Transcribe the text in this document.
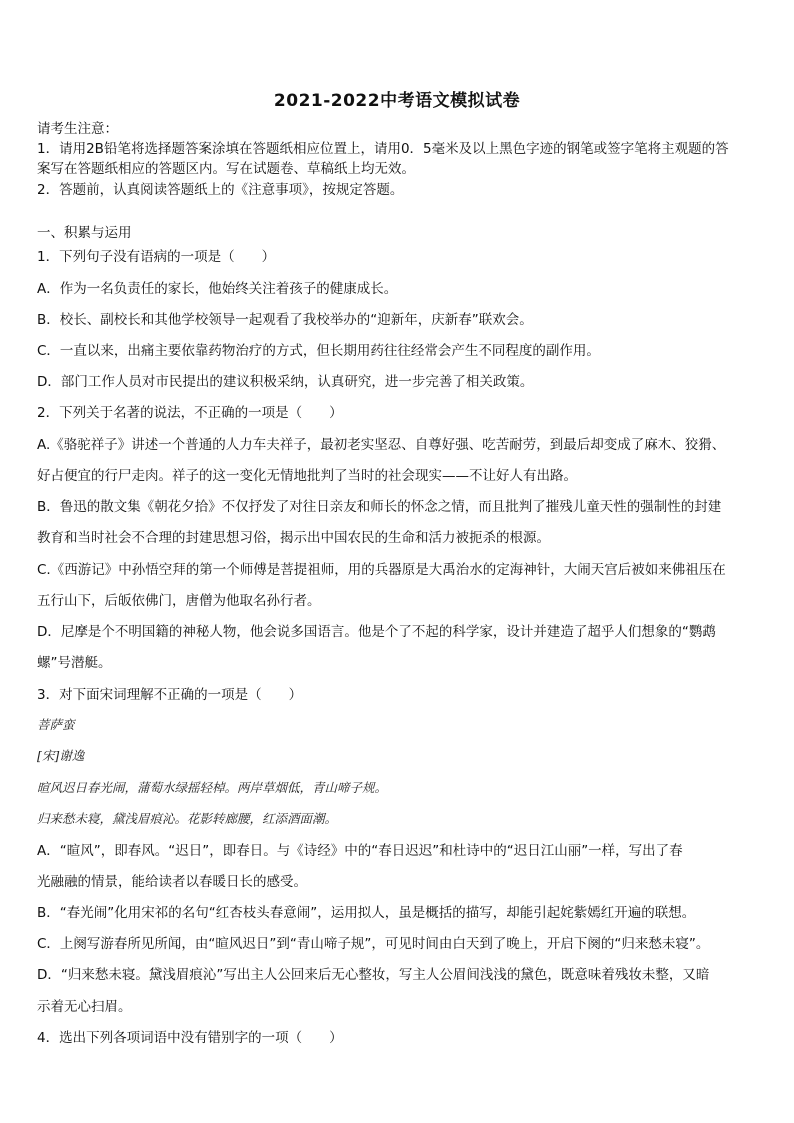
2021-2022中考语文模拟试卷
请考生注意：
1．请用2B铅笔将选择题答案涂填在答题纸相应位置上，请用0．5毫米及以上黑色字迹的钢笔或签字笔将主观题的答
案写在答题纸相应的答题区内。写在试题卷、草稿纸上均无效。
2．答题前，认真阅读答题纸上的《注意事项》，按规定答题。
一、积累与运用
1．下列句子没有语病的一项是（　　）
A．作为一名负责任的家长，他始终关注着孩子的健康成长。
B．校长、副校长和其他学校领导一起观看了我校举办的“迎新年，庆新春”联欢会。
C．一直以来，出痛主要依靠药物治疗的方式，但长期用药往往经常会产生不同程度的副作用。
D．部门工作人员对市民提出的建议积极采纳，认真研究，进一步完善了相关政策。
2．下列关于名著的说法，不正确的一项是（　　）
A.《骆驼祥子》讲述一个普通的人力车夫祥子，最初老实坚忍、自尊好强、吃苦耐劳，到最后却变成了麻木、狡猾、
好占便宜的行尸走肉。祥子的这一变化无情地批判了当时的社会现实——不让好人有出路。
B．鲁迅的散文集《朝花夕拾》不仅抒发了对往日亲友和师长的怀念之情，而且批判了摧残儿童天性的强制性的封建
教育和当时社会不合理的封建思想习俗，揭示出中国农民的生命和活力被扼杀的根源。
C.《西游记》中孙悟空拜的第一个师傅是菩提祖师，用的兵器原是大禹治水的定海神针，大闹天宫后被如来佛祖压在
五行山下，后皈依佛门，唐僧为他取名孙行者。
D．尼摩是个不明国籍的神秘人物，他会说多国语言。他是个了不起的科学家，设计并建造了超乎人们想象的“鹦鹉
螺”号潜艇。
3．对下面宋词理解不正确的一项是（　　）
菩萨蛮
[宋]谢逸
暄风迟日春光闹，蒲萄水绿摇轻棹。两岸草烟低，青山啼子规。
归来愁未寝，黛浅眉痕沁。花影转廊腰，红添酒面潮。
A．“暄风”，即春风。“迟日”，即春日。与《诗经》中的“春日迟迟”和杜诗中的“迟日江山丽”一样，写出了春
光融融的情景，能给读者以春暖日长的感受。
B．“春光闹”化用宋祁的名句“红杏枝头春意闹”，运用拟人，虽是概括的描写，却能引起姹紫嫣红开遍的联想。
C．上阕写游春所见所闻，由“暄风迟日”到“青山啼子规”，可见时间由白天到了晚上，开启下阕的“归来愁未寝”。
D．“归来愁未寝。黛浅眉痕沁”写出主人公回来后无心整妆，写主人公眉间浅浅的黛色，既意味着残妆未整，又暗
示着无心扫眉。
4．选出下列各项词语中没有错别字的一项（　　）
